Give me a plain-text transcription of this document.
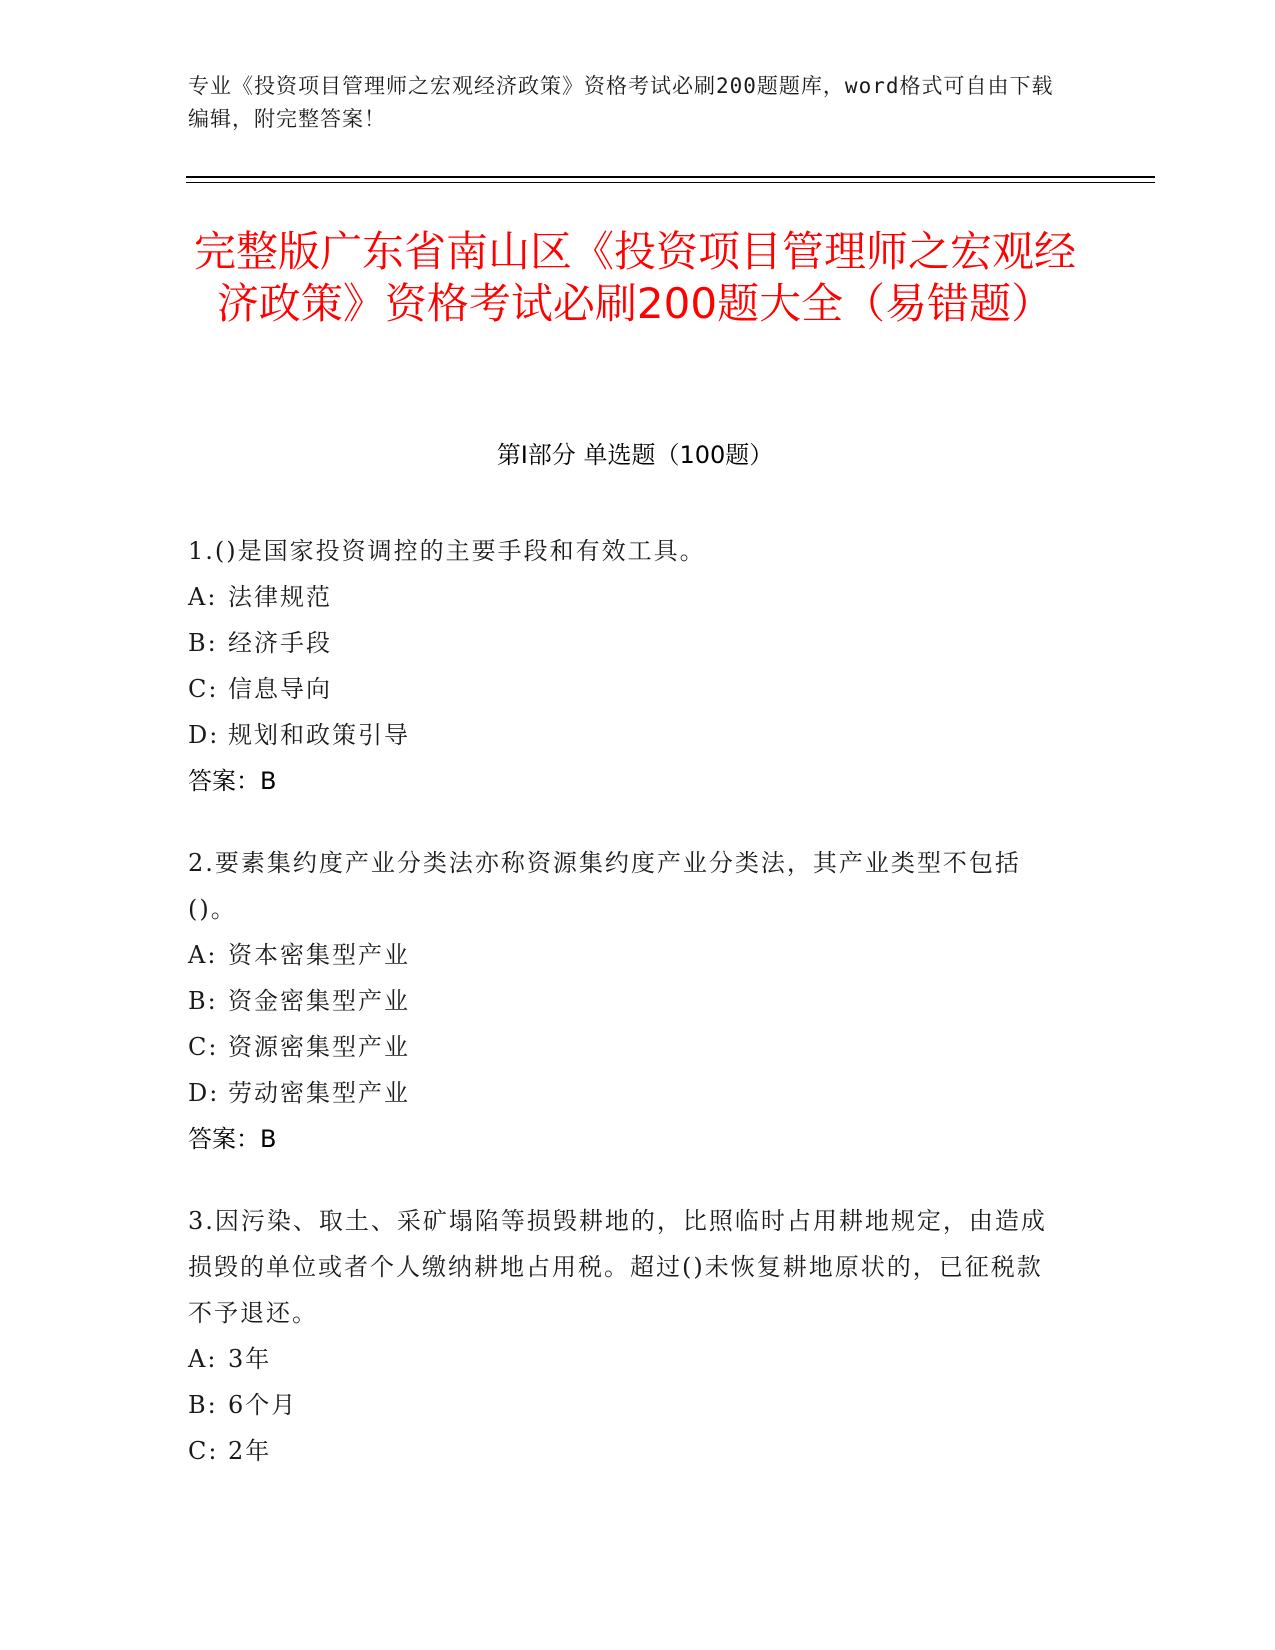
专业《投资项目管理师之宏观经济政策》资格考试必刷200题题库，word格式可自由下载编辑，附完整答案！
完整版广东省南山区《投资项目管理师之宏观经济政策》资格考试必刷200题大全（易错题）
第I部分 单选题（100题）
1.()是国家投资调控的主要手段和有效工具。
A: 法律规范
B: 经济手段
C: 信息导向
D: 规划和政策引导
答案：B
2.要素集约度产业分类法亦称资源集约度产业分类法，其产业类型不包括()。
A: 资本密集型产业
B: 资金密集型产业
C: 资源密集型产业
D: 劳动密集型产业
答案：B
3.因污染、取土、采矿塌陷等损毁耕地的，比照临时占用耕地规定，由造成损毁的单位或者个人缴纳耕地占用税。超过()未恢复耕地原状的，已征税款不予退还。
A: 3年
B: 6个月
C: 2年
